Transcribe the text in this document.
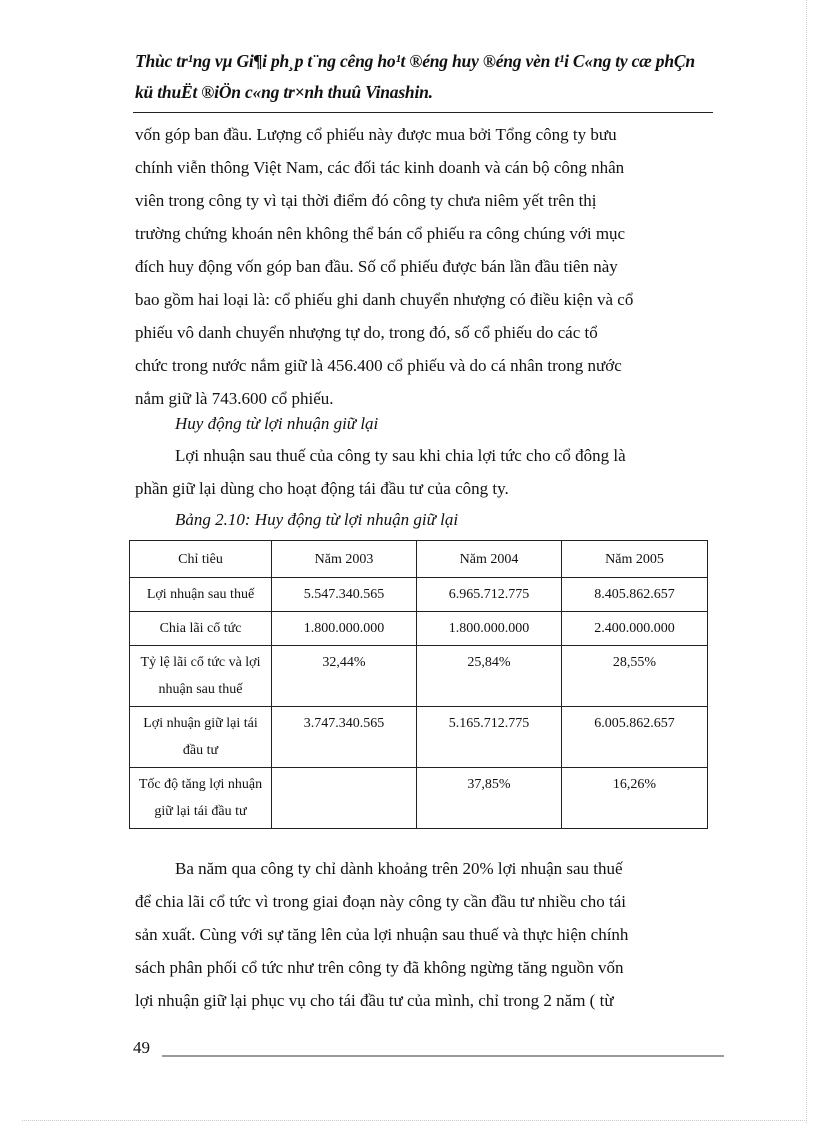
Thùc tr¹ng vµ Gi¶i ph¸p t¨ng cêng ho¹t ®éng huy ®éng vèn t¹i C«ng ty cæ phÇn kü thuËt ®iÖn c«ng tr×nh thuû Vinashin.

vốn góp ban đầu. Lượng cổ phiếu này được mua bởi Tổng công ty bưu

chính viễn thông Việt Nam, các đối tác kinh doanh và cán bộ công nhân

viên trong công ty vì tại thời điểm đó công ty chưa niêm yết trên thị

trường chứng khoán nên không thể bán cổ phiếu ra công chúng với mục

đích huy động vốn góp ban đầu. Số cổ phiếu được bán lần đầu tiên này

bao gồm hai loại là: cổ phiếu ghi danh chuyển nhượng có điều kiện và cổ

phiếu vô danh chuyển nhượng tự do, trong đó, số cổ phiếu do các tổ

chức trong nước nắm giữ là 456.400 cổ phiếu và do cá nhân trong nước

nắm giữ là 743.600 cổ phiếu.

Huy động từ lợi nhuận giữ lại

Lợi nhuận sau thuế của công ty sau khi chia lợi tức cho cổ đông là

phần giữ lại dùng cho hoạt động tái đầu tư của công ty.

Bảng 2.10: Huy động từ lợi nhuận giữ lại
Chỉ tiêu	Năm 2003	Năm 2004	Năm 2005
Lợi nhuận sau thuế	5.547.340.565	6.965.712.775	8.405.862.657
Chia lãi cổ tức	1.800.000.000	1.800.000.000	2.400.000.000
Tỷ lệ lãi cổ tức và lợi nhuận sau thuế	32,44%	25,84%	28,55%
Lợi nhuận giữ lại tái đầu tư	3.747.340.565	5.165.712.775	6.005.862.657
Tốc độ tăng lợi nhuận giữ lại tái đầu tư		37,85%	16,26%

Ba năm qua công ty chỉ dành khoảng trên 20% lợi nhuận sau thuế

để chia lãi cổ tức vì trong giai đoạn này công ty cần đầu tư nhiều cho tái

sản xuất. Cùng với sự tăng lên của lợi nhuận sau thuế và thực hiện chính

sách phân phối cổ tức như trên công ty đã không ngừng tăng nguồn vốn

lợi nhuận giữ lại phục vụ cho tái đầu tư của mình, chỉ trong 2 năm ( từ

49
